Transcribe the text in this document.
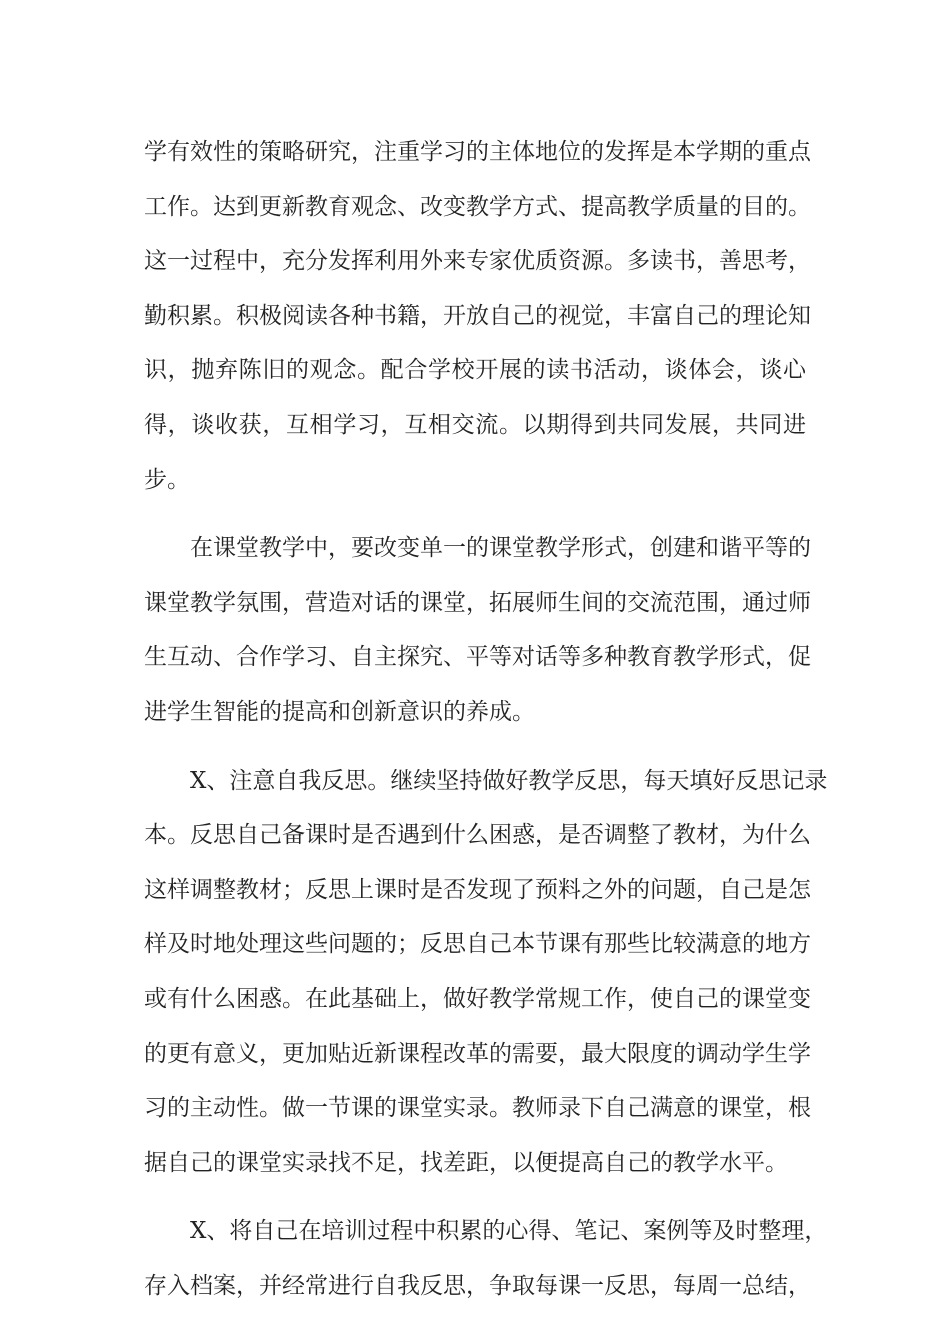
学有效性的策略研究，注重学习的主体地位的发挥是本学期的重点
工作。达到更新教育观念、改变教学方式、提高教学质量的目的。
这一过程中，充分发挥利用外来专家优质资源。多读书，善思考，
勤积累。积极阅读各种书籍，开放自己的视觉，丰富自己的理论知
识，抛弃陈旧的观念。配合学校开展的读书活动，谈体会，谈心
得，谈收获，互相学习，互相交流。以期得到共同发展，共同进
步。
在课堂教学中，要改变单一的课堂教学形式，创建和谐平等的
课堂教学氛围，营造对话的课堂，拓展师生间的交流范围，通过师
生互动、合作学习、自主探究、平等对话等多种教育教学形式，促
进学生智能的提高和创新意识的养成。
X、注意自我反思。继续坚持做好教学反思，每天填好反思记录
本。反思自己备课时是否遇到什么困惑，是否调整了教材，为什么
这样调整教材；反思上课时是否发现了预料之外的问题，自己是怎
样及时地处理这些问题的；反思自己本节课有那些比较满意的地方
或有什么困惑。在此基础上，做好教学常规工作，使自己的课堂变
的更有意义，更加贴近新课程改革的需要，最大限度的调动学生学
习的主动性。做一节课的课堂实录。教师录下自己满意的课堂，根
据自己的课堂实录找不足，找差距，以便提高自己的教学水平。
X、将自己在培训过程中积累的心得、笔记、案例等及时整理，
存入档案，并经常进行自我反思，争取每课一反思，每周一总结，
